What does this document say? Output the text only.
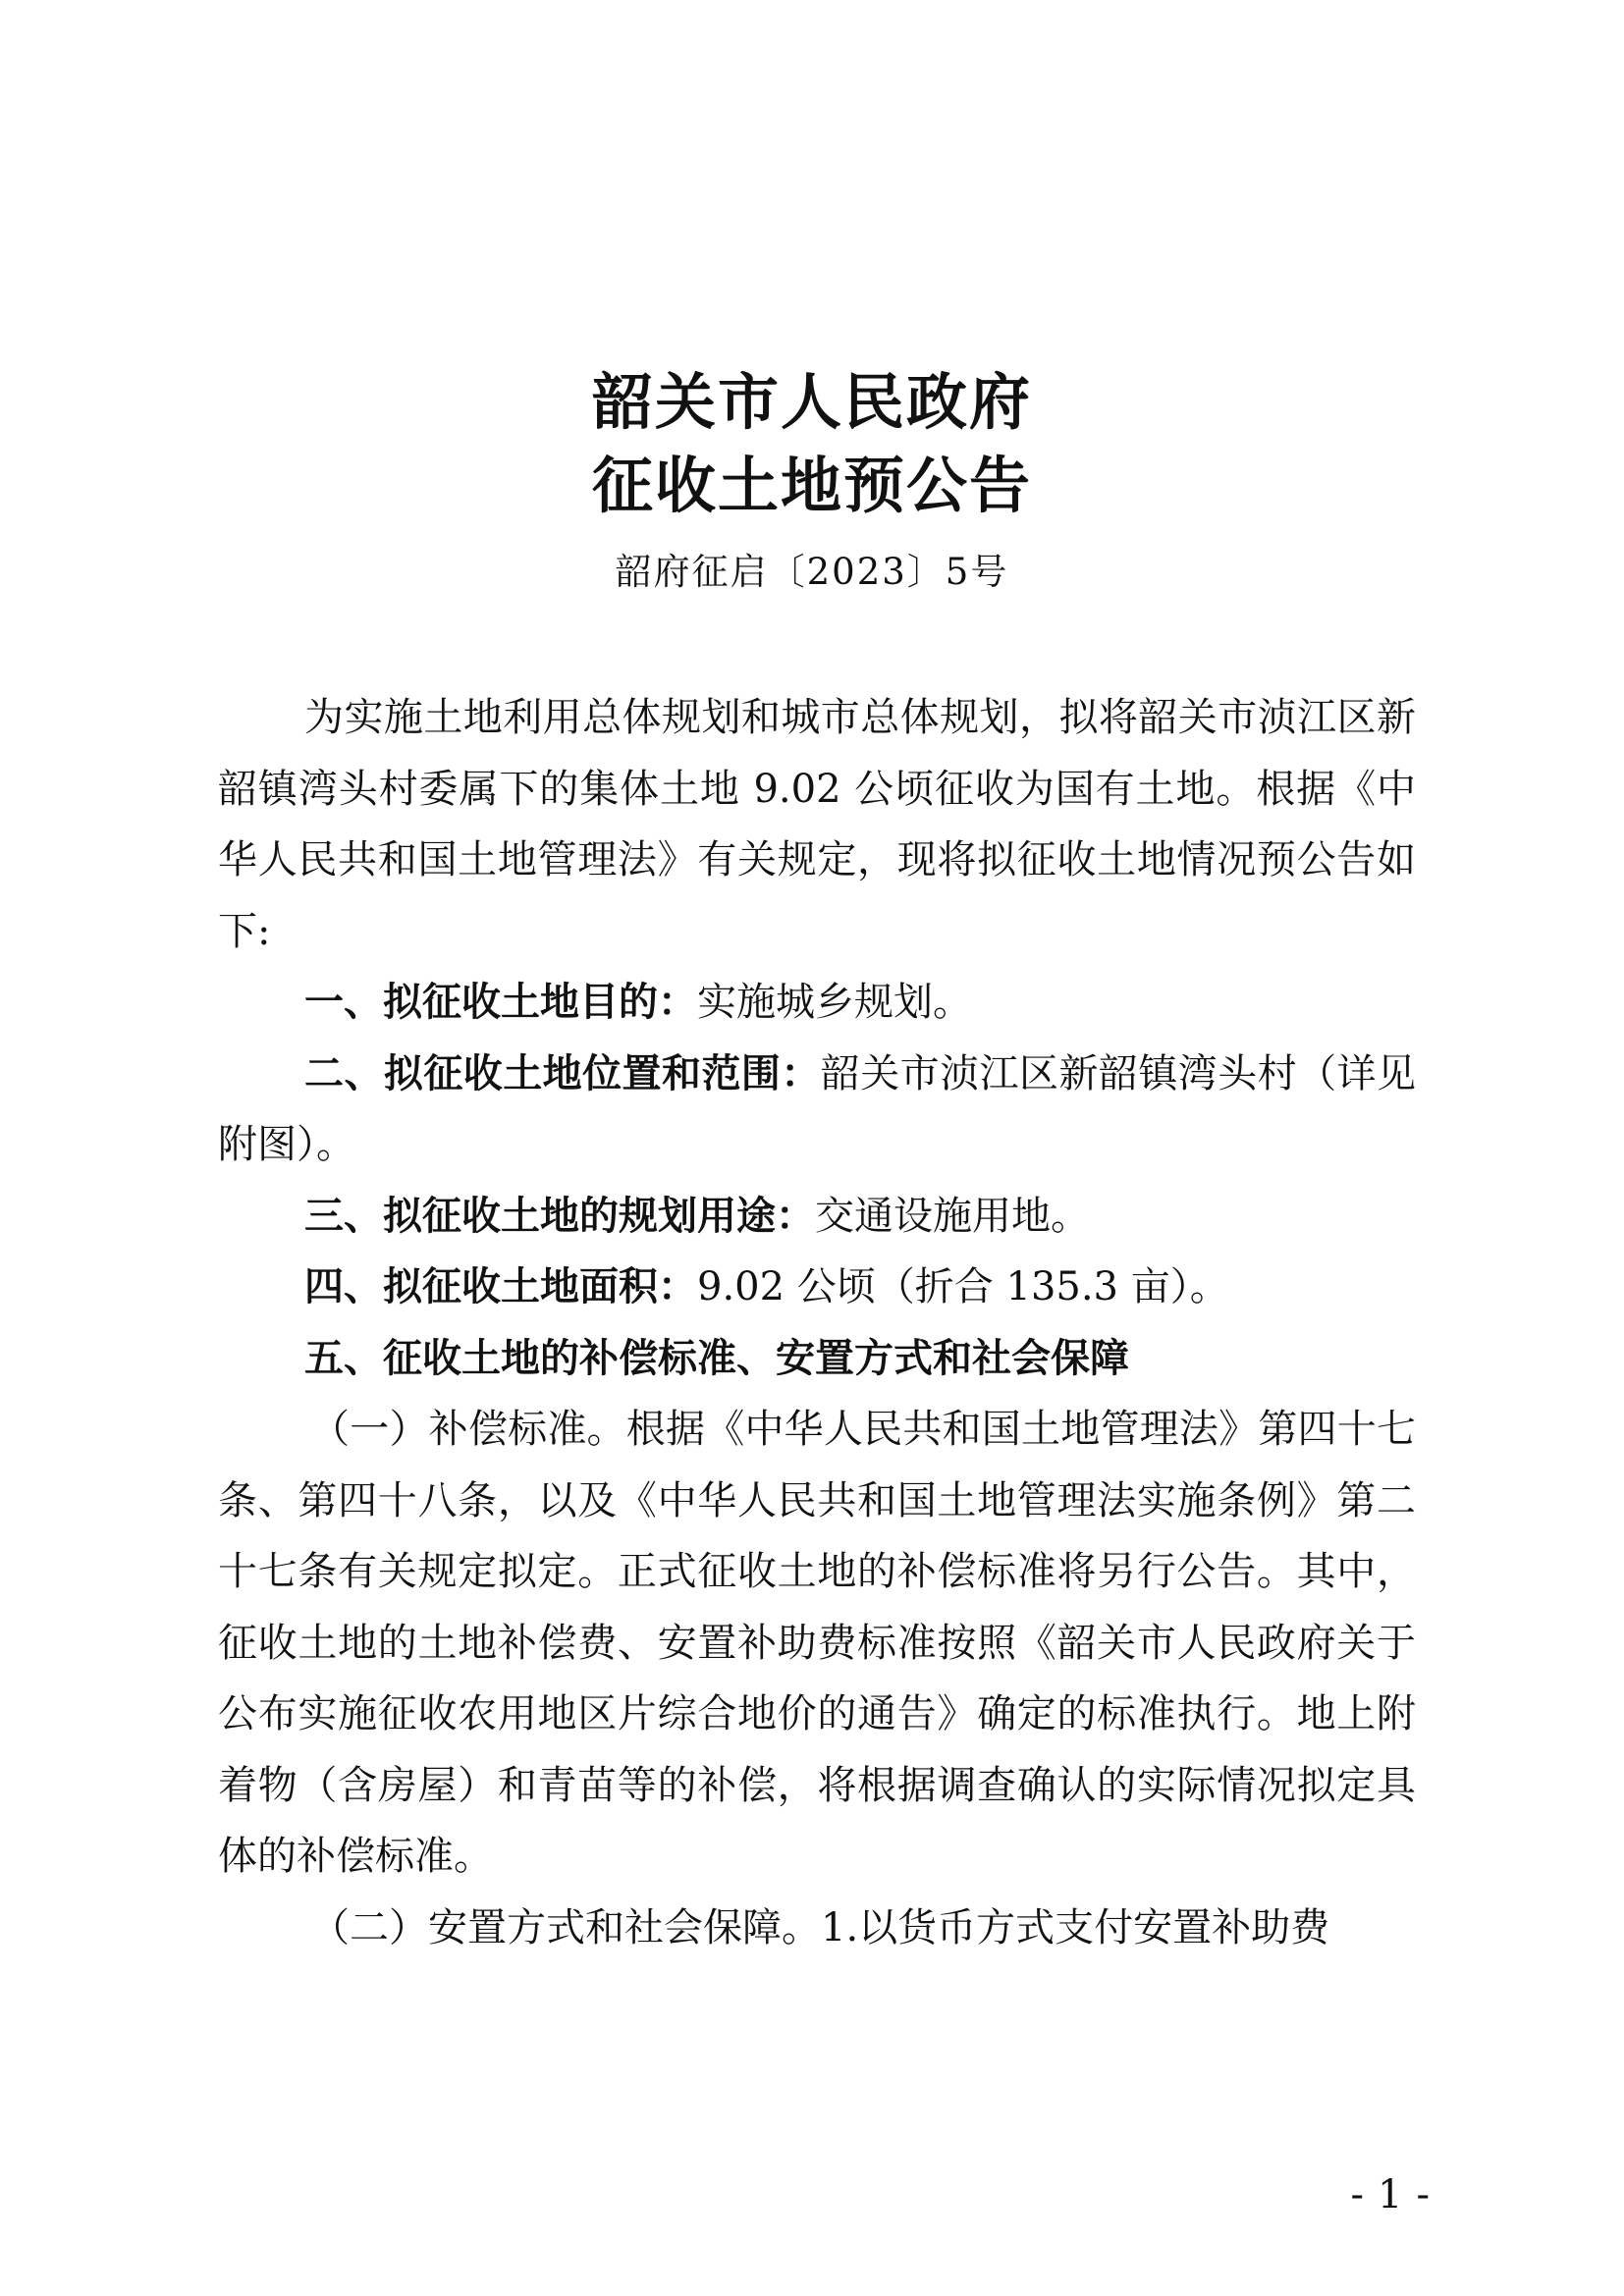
韶关市人民政府
征收土地预公告
韶府征启〔2023〕5号

为实施土地利用总体规划和城市总体规划，拟将韶关市浈江区新韶镇湾头村委属下的集体土地 9.02 公顷征收为国有土地。根据《中华人民共和国土地管理法》有关规定，现将拟征收土地情况预公告如下:

一、拟征收土地目的：实施城乡规划。

二、拟征收土地位置和范围：韶关市浈江区新韶镇湾头村（详见附图）。

三、拟征收土地的规划用途：交通设施用地。

四、拟征收土地面积：9.02 公顷（折合 135.3 亩）。

五、征收土地的补偿标准、安置方式和社会保障

（一）补偿标准。根据《中华人民共和国土地管理法》第四十七条、第四十八条，以及《中华人民共和国土地管理法实施条例》第二十七条有关规定拟定。正式征收土地的补偿标准将另行公告。其中，征收土地的土地补偿费、安置补助费标准按照《韶关市人民政府关于公布实施征收农用地区片综合地价的通告》确定的标准执行。地上附着物（含房屋）和青苗等的补偿，将根据调查确认的实际情况拟定具体的补偿标准。

（二）安置方式和社会保障。1.以货币方式支付安置补助费

-1-
